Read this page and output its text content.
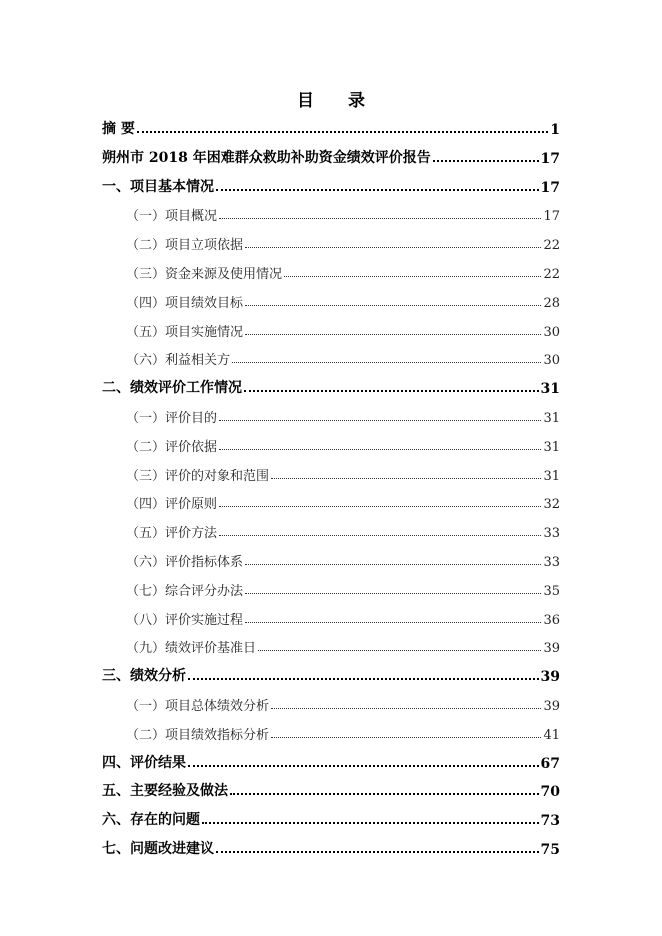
目 录
摘 要	1
朔州市 2018 年困难群众救助补助资金绩效评价报告	17
一、项目基本情况	17
（一）项目概况	17
（二）项目立项依据	22
（三）资金来源及使用情况	22
（四）项目绩效目标	28
（五）项目实施情况	30
（六）利益相关方	30
二、绩效评价工作情况	31
（一）评价目的	31
（二）评价依据	31
（三）评价的对象和范围	31
（四）评价原则	32
（五）评价方法	33
（六）评价指标体系	33
（七）综合评分办法	35
（八）评价实施过程	36
（九）绩效评价基准日	39
三、绩效分析	39
（一）项目总体绩效分析	39
（二）项目绩效指标分析	41
四、评价结果	67
五、主要经验及做法	70
六、存在的问题	73
七、问题改进建议	75
